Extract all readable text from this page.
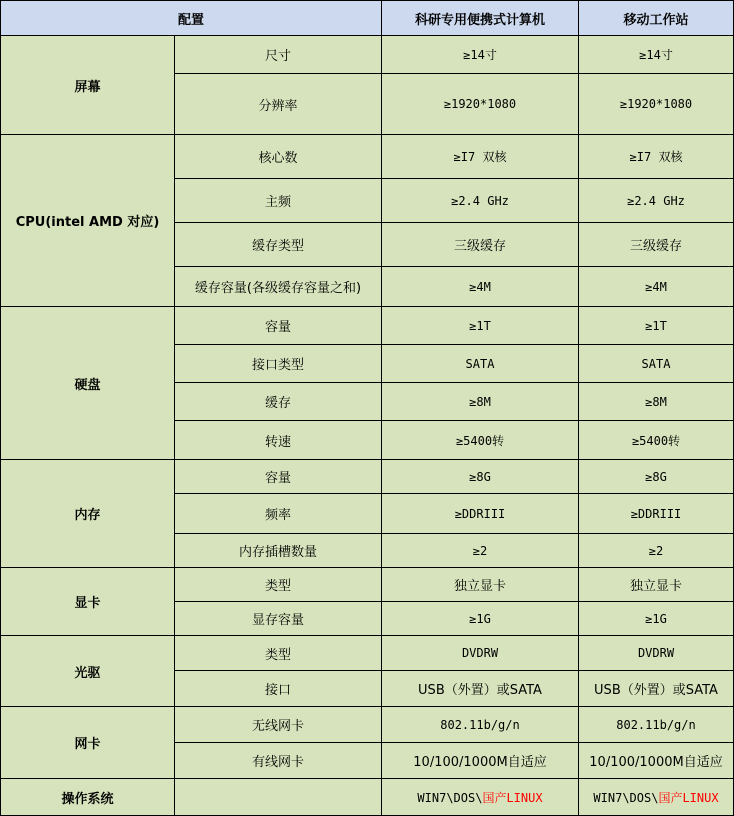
配置		科研专用便携式计算机	移动工作站
屏幕	尺寸	≥14寸	≥14寸
	分辨率	≥1920*1080	≥1920*1080
CPU(intel AMD 对应)	核心数	≥I7 双核	≥I7 双核
	主频	≥2.4 GHz	≥2.4 GHz
	缓存类型	三级缓存	三级缓存
	缓存容量(各级缓存容量之和)	≥4M	≥4M
硬盘	容量	≥1T	≥1T
	接口类型	SATA	SATA
	缓存	≥8M	≥8M
	转速	≥5400转	≥5400转
内存	容量	≥8G	≥8G
	频率	≥DDRIII	≥DDRIII
	内存插槽数量	≥2	≥2
显卡	类型	独立显卡	独立显卡
	显存容量	≥1G	≥1G
光驱	类型	DVDRW	DVDRW
	接口	USB（外置）或SATA	USB（外置）或SATA
网卡	无线网卡	802.11b/g/n	802.11b/g/n
	有线网卡	10/100/1000M自适应	10/100/1000M自适应
操作系统		WIN7\DOS\国产LINUX	WIN7\DOS\国产LINUX
